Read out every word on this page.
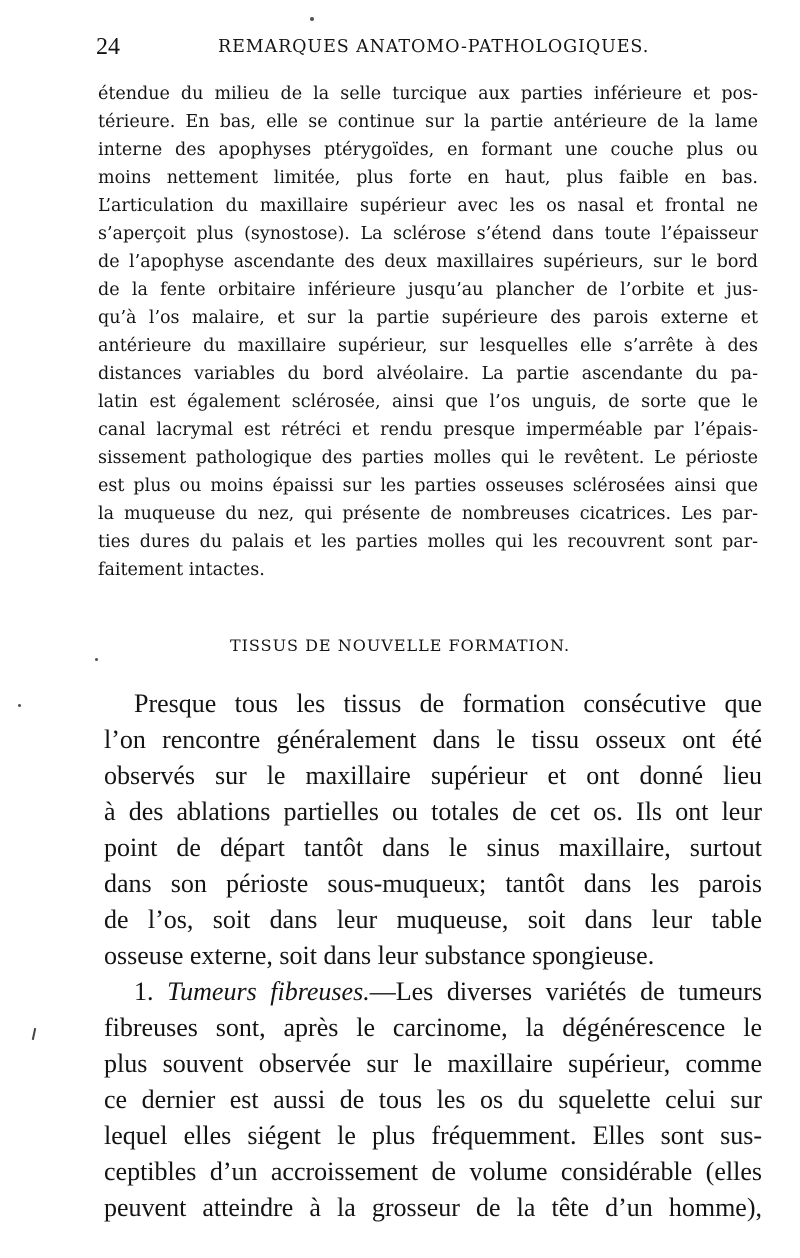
24	REMARQUES ANATOMO-PATHOLOGIQUES.
étendue du milieu de la selle turcique aux parties inférieure et pos-
térieure. En bas, elle se continue sur la partie antérieure de la lame
interne des apophyses ptérygoïdes, en formant une couche plus ou
moins nettement limitée, plus forte en haut, plus faible en bas.
L’articulation du maxillaire supérieur avec les os nasal et frontal ne
s’aperçoit plus (synostose). La sclérose s’étend dans toute l’épaisseur
de l’apophyse ascendante des deux maxillaires supérieurs, sur le bord
de la fente orbitaire inférieure jusqu’au plancher de l’orbite et jus-
qu’à l’os malaire, et sur la partie supérieure des parois externe et
antérieure du maxillaire supérieur, sur lesquelles elle s’arrête à des
distances variables du bord alvéolaire. La partie ascendante du pa-
latin est également sclérosée, ainsi que l’os unguis, de sorte que le
canal lacrymal est rétréci et rendu presque imperméable par l’épais-
sissement pathologique des parties molles qui le revêtent. Le périoste
est plus ou moins épaissi sur les parties osseuses sclérosées ainsi que
la muqueuse du nez, qui présente de nombreuses cicatrices. Les par-
ties dures du palais et les parties molles qui les recouvrent sont par-
faitement intactes.
TISSUS DE NOUVELLE FORMATION.
Presque tous les tissus de formation consécutive que
l’on rencontre généralement dans le tissu osseux ont été
observés sur le maxillaire supérieur et ont donné lieu
à des ablations partielles ou totales de cet os. Ils ont leur
point de départ tantôt dans le sinus maxillaire, surtout
dans son périoste sous-muqueux; tantôt dans les parois
de l’os, soit dans leur muqueuse, soit dans leur table
osseuse externe, soit dans leur substance spongieuse.
1. Tumeurs fibreuses.—Les diverses variétés de tumeurs
fibreuses sont, après le carcinome, la dégénérescence le
plus souvent observée sur le maxillaire supérieur, comme
ce dernier est aussi de tous les os du squelette celui sur
lequel elles siégent le plus fréquemment. Elles sont sus-
ceptibles d’un accroissement de volume considérable (elles
peuvent atteindre à la grosseur de la tête d’un homme),
